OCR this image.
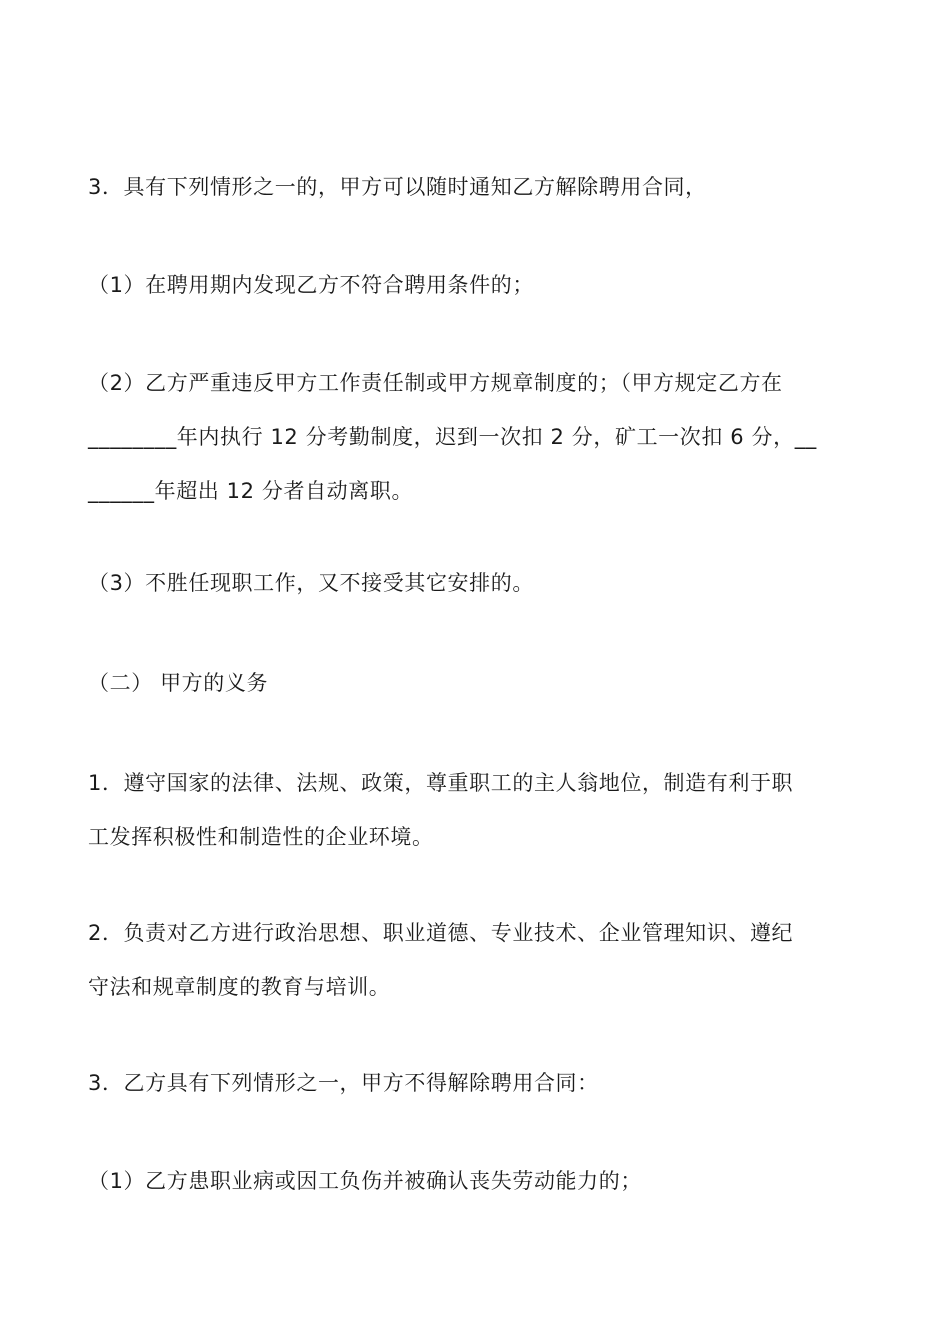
3．具有下列情形之一的，甲方可以随时通知乙方解除聘用合同，
（1）在聘用期内发现乙方不符合聘用条件的；
（2）乙方严重违反甲方工作责任制或甲方规章制度的；（甲方规定乙方在
________年内执行 12 分考勤制度，迟到一次扣 2 分，矿工一次扣 6 分，__
______年超出 12 分者自动离职。
（3）不胜任现职工作，又不接受其它安排的。
（二） 甲方的义务
1．遵守国家的法律、法规、政策，尊重职工的主人翁地位，制造有利于职
工发挥积极性和制造性的企业环境。
2．负责对乙方进行政治思想、职业道德、专业技术、企业管理知识、遵纪
守法和规章制度的教育与培训。
3．乙方具有下列情形之一，甲方不得解除聘用合同：
（1）乙方患职业病或因工负伤并被确认丧失劳动能力的；
